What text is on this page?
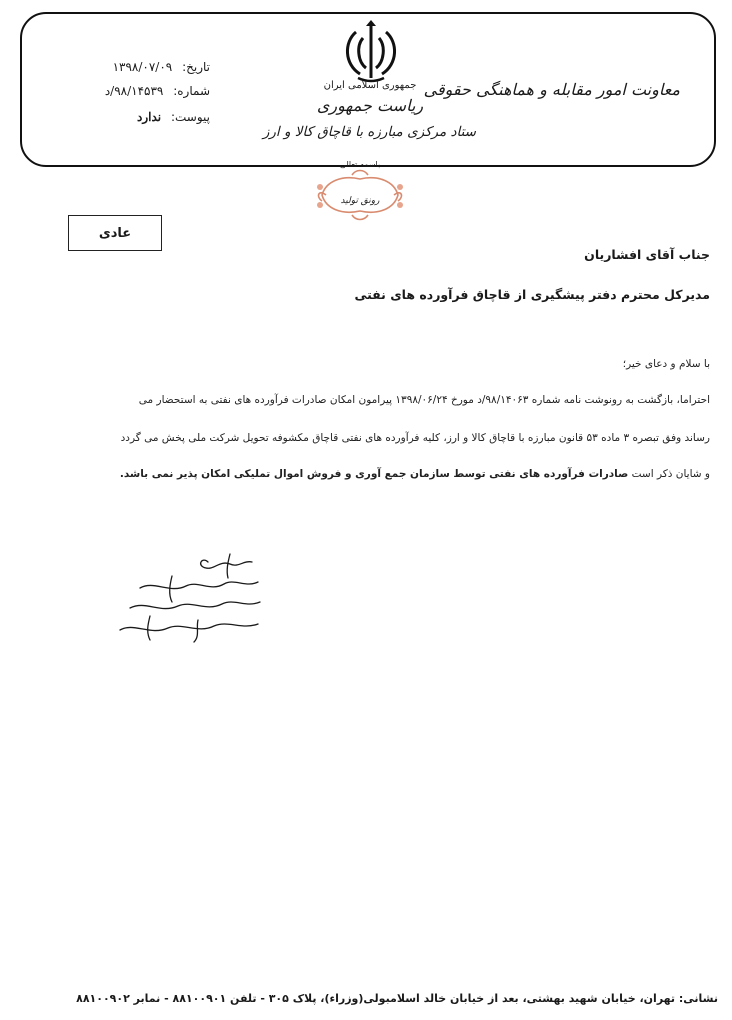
تاریخ: ۱۳۹۸/۰۷/۰۹
شماره: ۹۸/۱۴۵۳۹/د
پیوست: ندارد
جمهوری اسلامی ایران
ریاست جمهوری
ستاد مرکزی مبارزه با قاچاق کالا و ارز
معاونت امور مقابله و هماهنگی حقوقی
باسمه تعالی
رونق تولید
عادی
جناب آقای افشاریان
مدیرکل محترم دفتر پیشگیری از قاچاق فرآورده های نفتی
با سلام و دعای خیر؛
احتراما، بازگشت به رونوشت نامه شماره ۹۸/۱۴۰۶۳/د مورخ ۱۳۹۸/۰۶/۲۴ پیرامون امکان صادرات فرآورده های نفتی به استحضار می
رساند وفق تبصره ۳ ماده ۵۳ قانون مبارزه با قاچاق کالا و ارز، کلیه فرآورده های نفتی قاچاق مکشوفه تحویل شرکت ملی پخش می گردد
و شایان ذکر است صادرات فرآورده های نفتی توسط سازمان جمع آوری و فروش اموال تملیکی امکان پذیر نمی باشد.
نشانی: تهران، خیابان شهید بهشتی، بعد از خیابان خالد اسلامبولی(وزراء)، پلاک ۳۰۵ - تلفن ۸۸۱۰۰۹۰۱ - نمابر ۸۸۱۰۰۹۰۲
